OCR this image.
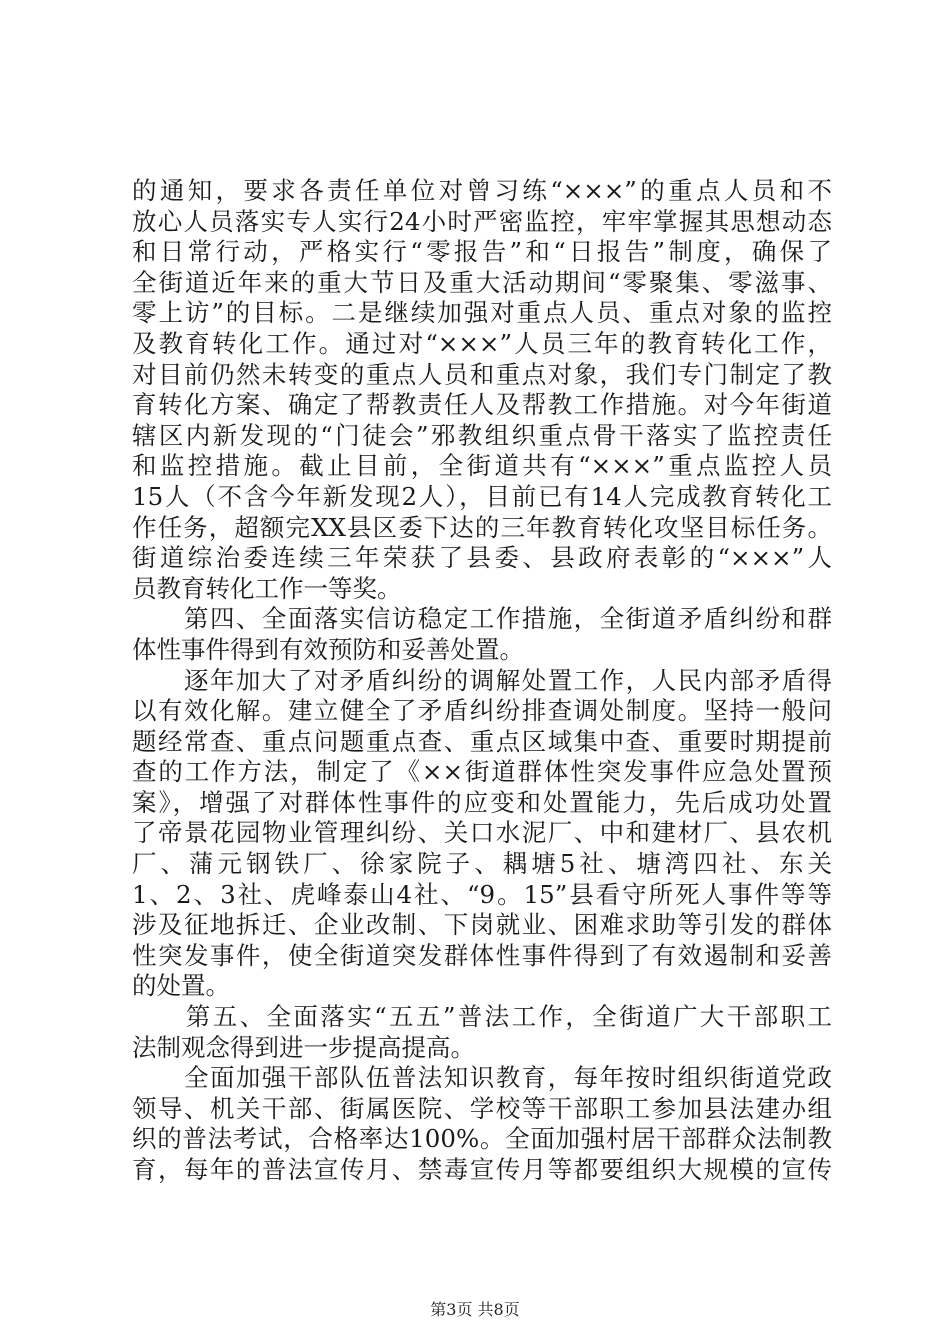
的通知，要求各责任单位对曾习练“×××”的重点人员和不
放心人员落实专人实行24小时严密监控，牢牢掌握其思想动态
和日常行动，严格实行“零报告”和“日报告”制度，确保了
全街道近年来的重大节日及重大活动期间“零聚集、零滋事、
零上访”的目标。二是继续加强对重点人员、重点对象的监控
及教育转化工作。通过对“×××”人员三年的教育转化工作，
对目前仍然未转变的重点人员和重点对象，我们专门制定了教
育转化方案、确定了帮教责任人及帮教工作措施。对今年街道
辖区内新发现的“门徒会”邪教组织重点骨干落实了监控责任
和监控措施。截止目前，全街道共有“×××”重点监控人员
15人（不含今年新发现2人），目前已有14人完成教育转化工
作任务，超额完XX县区委下达的三年教育转化攻坚目标任务。
街道综治委连续三年荣获了县委、县政府表彰的“×××”人
员教育转化工作一等奖。
　　第四、全面落实信访稳定工作措施，全街道矛盾纠纷和群
体性事件得到有效预防和妥善处置。
　　逐年加大了对矛盾纠纷的调解处置工作，人民内部矛盾得
以有效化解。建立健全了矛盾纠纷排查调处制度。坚持一般问
题经常查、重点问题重点查、重点区域集中查、重要时期提前
查的工作方法，制定了《××街道群体性突发事件应急处置预
案》，增强了对群体性事件的应变和处置能力，先后成功处置
了帝景花园物业管理纠纷、关口水泥厂、中和建材厂、县农机
厂、蒲元钢铁厂、徐家院子、耦塘5社、塘湾四社、东关
1、2、3社、虎峰泰山4社、“9。15”县看守所死人事件等等
涉及征地拆迁、企业改制、下岗就业、困难求助等引发的群体
性突发事件，使全街道突发群体性事件得到了有效遏制和妥善
的处置。
　　第五、全面落实“五五”普法工作，全街道广大干部职工
法制观念得到进一步提高提高。
　　全面加强干部队伍普法知识教育，每年按时组织街道党政
领导、机关干部、街属医院、学校等干部职工参加县法建办组
织的普法考试，合格率达100%。全面加强村居干部群众法制教
育，每年的普法宣传月、禁毒宣传月等都要组织大规模的宣传
第3页 共8页
